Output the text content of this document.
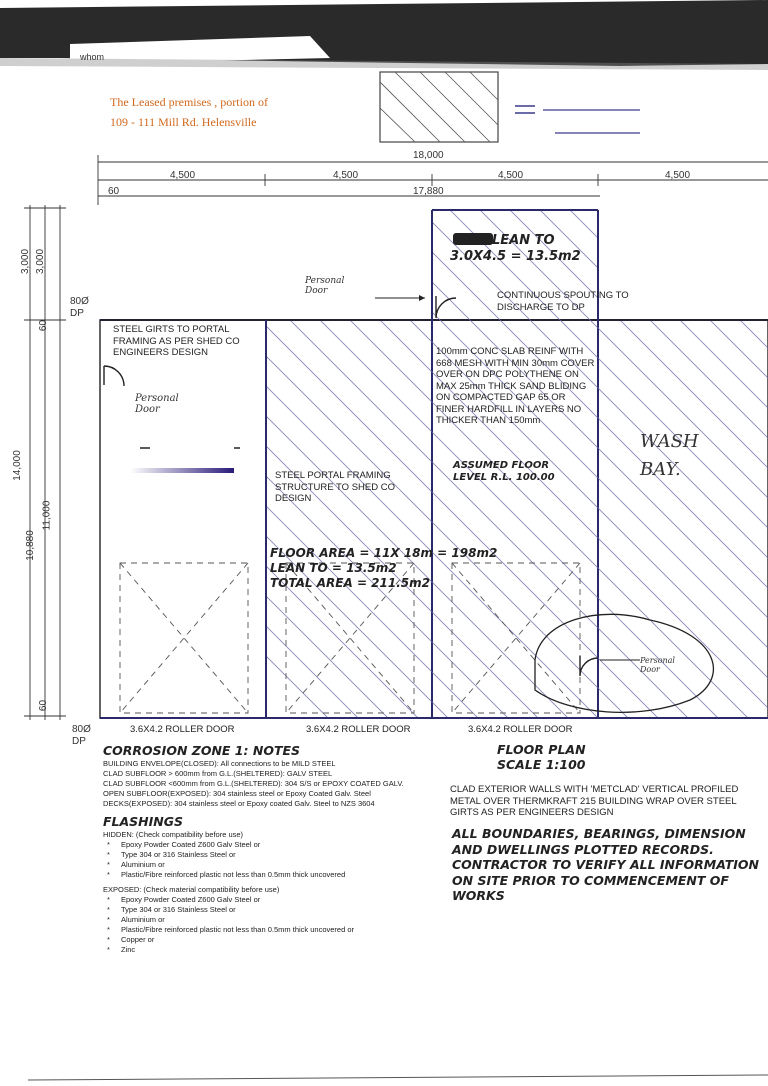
whom
The Leased premises , portion of
109 - 111 Mill Rd. Helensville
18,000
4,500	4,500	4,500	4,500
17,880
60
3,000 3,000
60
14,000
10,880
11,000
60
80Ø
DP
80Ø
DP
LEAN TO
3.0X4.5 = 13.5m2
Personal Door	CONTINUOUS SPOUTING TO DISCHARGE TO DP
STEEL GIRTS TO PORTAL FRAMING AS PER SHED CO ENGINEERS DESIGN
Personal Door
100mm CONC SLAB REINF WITH 668 MESH WITH MIN 30mm COVER OVER ON DPC POLYTHENE ON MAX 25mm THICK SAND BLIDING ON COMPACTED GAP 65 OR FINER HARDFILL IN LAYERS NO THICKER THAN 150mm
ASSUMED FLOOR LEVEL R.L. 100.00
STEEL PORTAL FRAMING STRUCTURE TO SHED CO DESIGN
WASH BAY.
FLOOR AREA = 11X 18m = 198m2
LEAN TO = 13.5m2
TOTAL AREA = 211.5m2
Personal Door
3.6X4.2 ROLLER DOOR	3.6X4.2 ROLLER DOOR	3.6X4.2 ROLLER DOOR
CORROSION ZONE 1: NOTES
BUILDING ENVELOPE(CLOSED): All connections to be MILD STEEL
CLAD SUBFLOOR > 600mm from G.L.(SHELTERED): GALV STEEL
CLAD SUBFLOOR <600mm from G.L.(SHELTERED): 304 S/S or EPOXY COATED GALV.
OPEN SUBFLOOR(EXPOSED): 304 stainless steel or Epoxy Coated Galv. Steel
DECKS(EXPOSED): 304 stainless steel or Epoxy coated Galv. Steel to NZS 3604
FLASHINGS
HIDDEN: (Check compatibility before use)
* Epoxy Powder Coated Z600 Galv Steel or
* Type 304 or 316 Stainless Steel or
* Aluminium or
* Plastic/Fibre reinforced plastic not less than 0.5mm thick uncovered
EXPOSED: (Check material compatibility before use)
* Epoxy Powder Coated Z600 Galv Steel or
* Type 304 or 316 Stainless Steel or
* Aluminium or
* Plastic/Fibre reinforced plastic not less than 0.5mm thick uncovered or
* Copper or
* Zinc
FLOOR PLAN
SCALE 1:100
CLAD EXTERIOR WALLS WITH 'METCLAD' VERTICAL PROFILED METAL OVER THERMKRAFT 215 BUILDING WRAP OVER STEEL GIRTS AS PER ENGINEERS DESIGN
ALL BOUNDARIES, BEARINGS, DIMENSION AND DWELLINGS PLOTTED RECORDS. CONTRACTOR TO VERIFY ALL INFORMATION ON SITE PRIOR TO COMMENCEMENT OF WORKS
